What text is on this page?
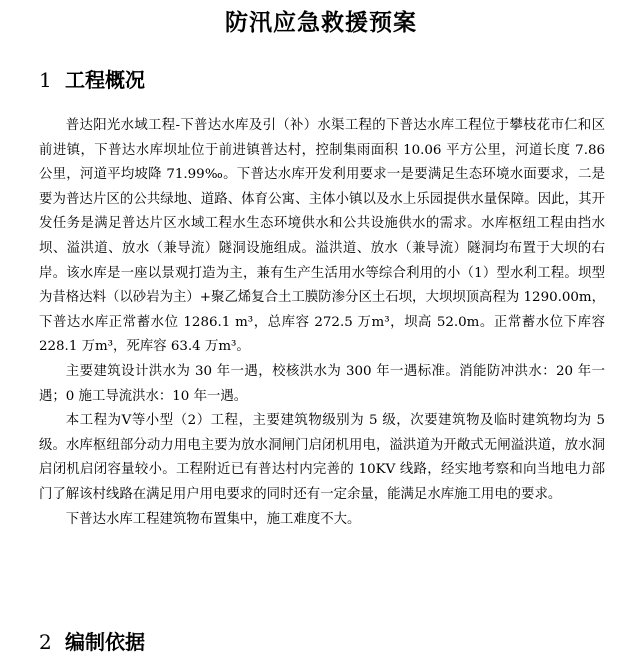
防汛应急救援预案
1 工程概况

普达阳光水域工程-下普达水库及引（补）水渠工程的下普达水库工程位于攀枝花市仁和区前进镇，下普达水库坝址位于前进镇普达村，控制集雨面积 10.06 平方公里，河道长度 7.86 公里，河道平均坡降 71.99‰。下普达水库开发利用要求一是要满足生态环境水面要求，二是要为普达片区的公共绿地、道路、体育公寓、主体小镇以及水上乐园提供水量保障。因此，其开发任务是满足普达片区水域工程水生态环境供水和公共设施供水的需求。水库枢纽工程由挡水坝、溢洪道、放水（兼导流）隧洞设施组成。溢洪道、放水（兼导流）隧洞均布置于大坝的右岸。该水库是一座以景观打造为主，兼有生产生活用水等综合利用的小（1）型水利工程。坝型为昔格达料（以砂岩为主）+聚乙烯复合土工膜防渗分区土石坝，大坝坝顶高程为 1290.00m，下普达水库正常蓄水位 1286.1 m³，总库容 272.5 万m³，坝高 52.0m。正常蓄水位下库容 228.1 万m³，死库容 63.4 万m³。

主要建筑设计洪水为 30 年一遇，校核洪水为 300 年一遇标准。消能防冲洪水：20 年一遇；0 施工导流洪水：10 年一遇。

本工程为Ⅴ等小型（2）工程，主要建筑物级别为 5 级，次要建筑物及临时建筑物均为 5 级。水库枢纽部分动力用电主要为放水洞闸门启闭机用电，溢洪道为开敞式无闸溢洪道，放水洞启闭机启闭容量较小。工程附近已有普达村内完善的 10KV 线路，经实地考察和向当地电力部门了解该村线路在满足用户用电要求的同时还有一定余量，能满足水库施工用电的要求。

下普达水库工程建筑物布置集中，施工难度不大。

2 编制依据
